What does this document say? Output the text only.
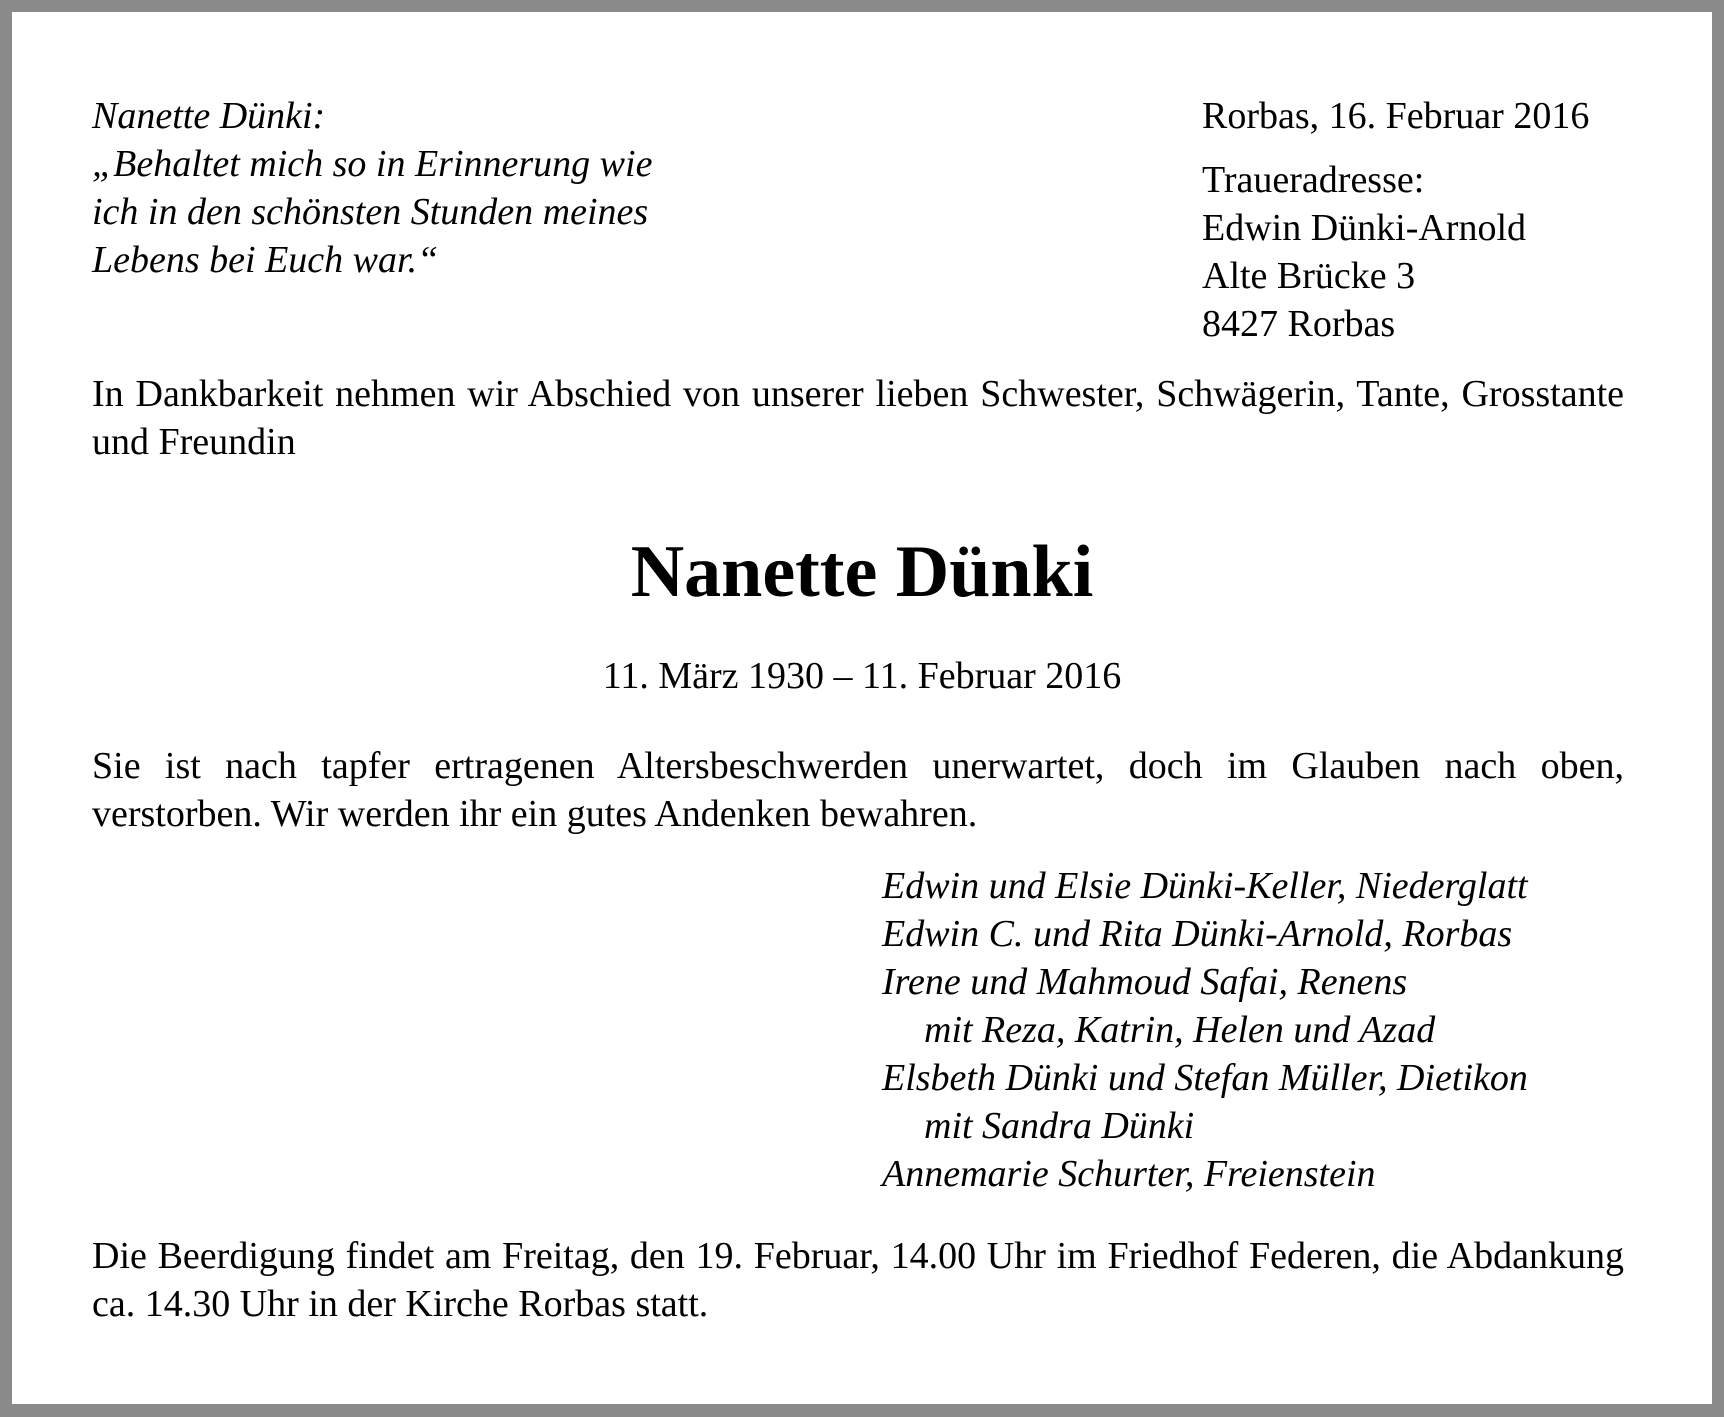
Nanette Dünki:
„Behaltet mich so in Erinnerung wie
ich in den schönsten Stunden meines
Lebens bei Euch war.“
Rorbas, 16. Februar 2016
Traueradresse:
Edwin Dünki-Arnold
Alte Brücke 3
8427 Rorbas

In Dankbarkeit nehmen wir Abschied von unserer lieben Schwester, Schwägerin, Tante, Grosstante und Freundin

Nanette Dünki

11. März 1930 – 11. Februar 2016

Sie ist nach tapfer ertragenen Altersbeschwerden unerwartet, doch im Glauben nach oben, verstorben. Wir werden ihr ein gutes Andenken bewahren.

Edwin und Elsie Dünki-Keller, Niederglatt
Edwin C. und Rita Dünki-Arnold, Rorbas
Irene und Mahmoud Safai, Renens
mit Reza, Katrin, Helen und Azad
Elsbeth Dünki und Stefan Müller, Dietikon
mit Sandra Dünki
Annemarie Schurter, Freienstein

Die Beerdigung findet am Freitag, den 19. Februar, 14.00 Uhr im Friedhof Federen, die Abdankung ca. 14.30 Uhr in der Kirche Rorbas statt.
